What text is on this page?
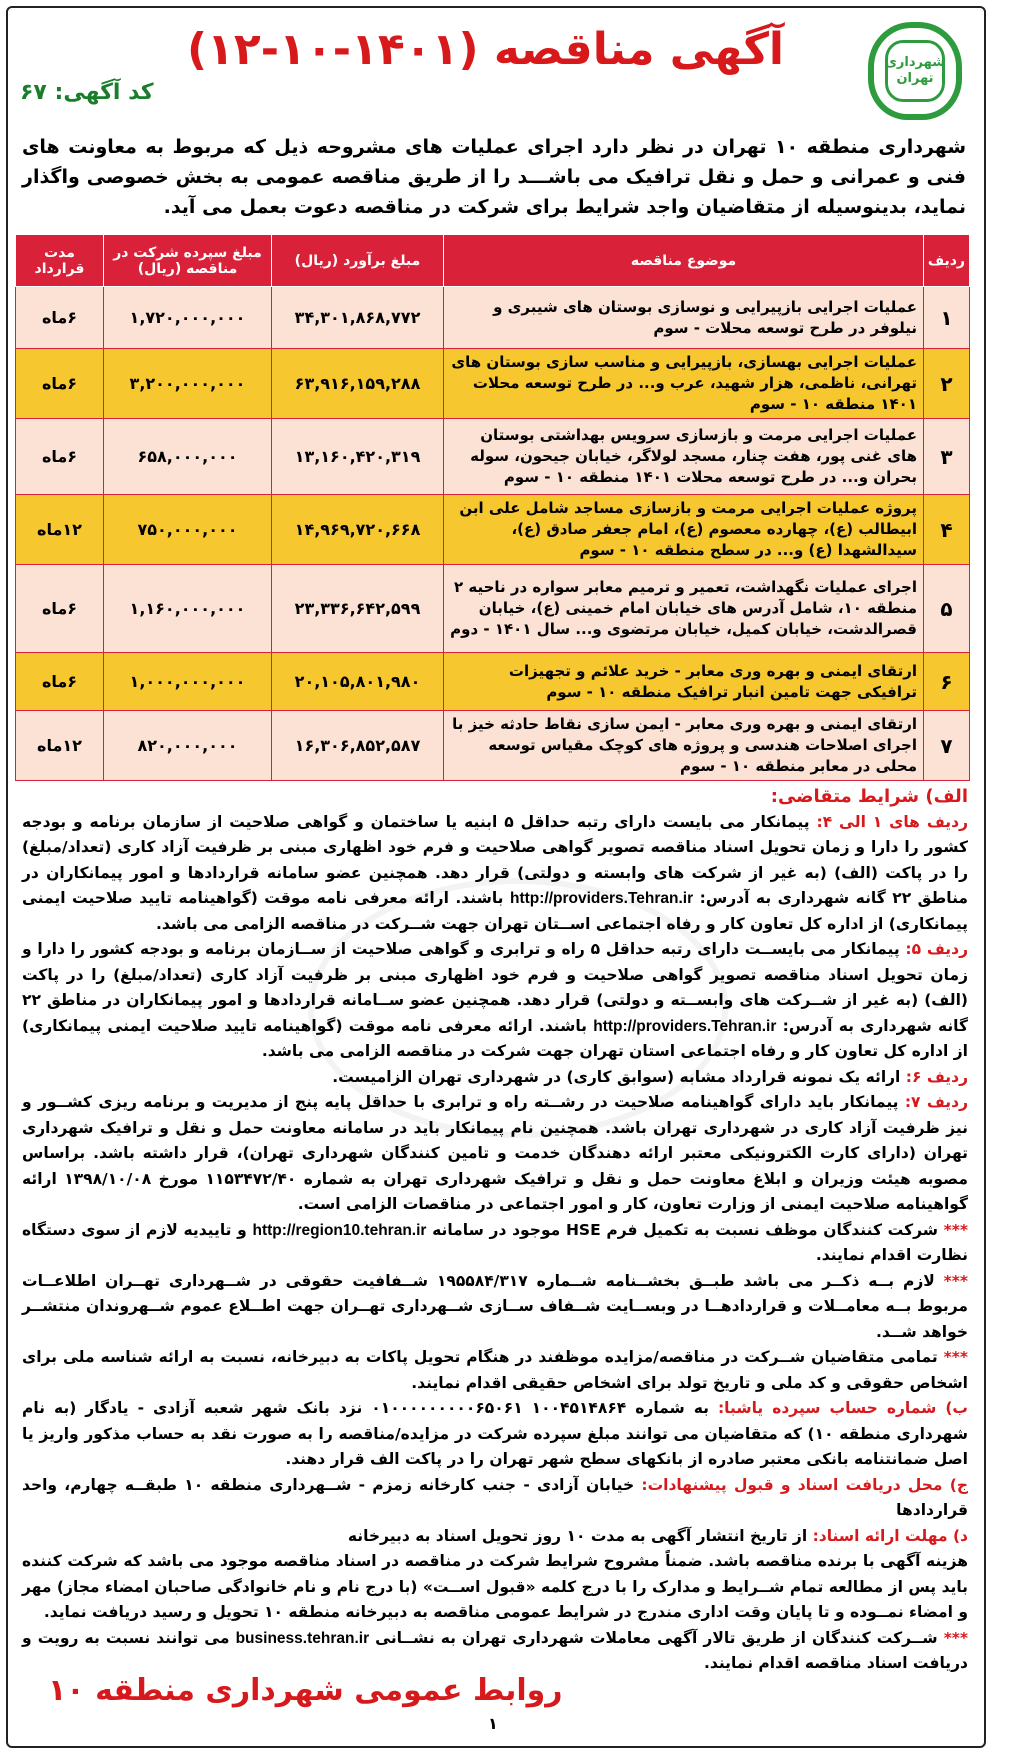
شهرداری تهران
آگهی مناقصه (۱۴۰۱-۱۰-۱۲)
کد آگهی: ۶۷
شهرداری منطقه ۱۰ تهران در نظر دارد اجرای عملیات های مشروحه ذیل که مربوط به معاونت های فنی و عمرانی و حمل و نقل ترافیک می باشـــد را از طریق مناقصه عمومی به بخش خصوصی واگذار نماید، بدینوسیله از متقاضیان واجد شرایط برای شرکت در مناقصه دعوت بعمل می آید.
ردیف	موضوع مناقصه	مبلغ برآورد (ریال)	مبلغ سپرده شرکت در مناقصه (ریال)	مدت قرارداد
۱	عملیات اجرایی بازپیرایی و نوسازی بوستان های شیبری و نیلوفر در طرح توسعه محلات - سوم	۳۴,۳۰۱,۸۶۸,۷۷۲	۱,۷۲۰,۰۰۰,۰۰۰	۶ماه
۲	عملیات اجرایی بهسازی، بازپیرایی و مناسب سازی بوستان های تهرانی، ناظمی، هزار شهید، عرب و... در طرح توسعه محلات ۱۴۰۱ منطقه ۱۰ - سوم	۶۳,۹۱۶,۱۵۹,۲۸۸	۳,۲۰۰,۰۰۰,۰۰۰	۶ماه
۳	عملیات اجرایی مرمت و بازسازی سرویس بهداشتی بوستان های غنی پور، هفت چنار، مسجد لولاگر، خیابان جیحون، سوله بحران و... در طرح توسعه محلات ۱۴۰۱ منطقه ۱۰ - سوم	۱۳,۱۶۰,۴۲۰,۳۱۹	۶۵۸,۰۰۰,۰۰۰	۶ماه
۴	پروژه عملیات اجرایی مرمت و بازسازی مساجد شامل علی ابن ابیطالب (ع)، چهارده معصوم (ع)، امام جعفر صادق (ع)، سیدالشهدا (ع) و... در سطح منطقه ۱۰ - سوم	۱۴,۹۶۹,۷۲۰,۶۶۸	۷۵۰,۰۰۰,۰۰۰	۱۲ماه
۵	اجرای عملیات نگهداشت، تعمیر و ترمیم معابر سواره در ناحیه ۲ منطقه ۱۰، شامل آدرس های خیابان امام خمینی (ع)، خیابان قصرالدشت، خیابان کمیل، خیابان مرتضوی و... سال ۱۴۰۱ - دوم	۲۳,۳۳۶,۶۴۲,۵۹۹	۱,۱۶۰,۰۰۰,۰۰۰	۶ماه
۶	ارتقای ایمنی و بهره وری معابر - خرید علائم و تجهیزات ترافیکی جهت تامین انبار ترافیک منطقه ۱۰ - سوم	۲۰,۱۰۵,۸۰۱,۹۸۰	۱,۰۰۰,۰۰۰,۰۰۰	۶ماه
۷	ارتقای ایمنی و بهره وری معابر - ایمن سازی نقاط حادثه خیز با اجرای اصلاحات هندسی و پروژه های کوچک مقیاس توسعه محلی در معابر منطقه ۱۰ - سوم	۱۶,۳۰۶,۸۵۲,۵۸۷	۸۲۰,۰۰۰,۰۰۰	۱۲ماه

الف) شرایط متقاضی:

ردیف های ۱ الی ۴: پیمانکار می بایست دارای رتبه حداقل ۵ ابنیه یا ساختمان و گواهی صلاحیت از سازمان برنامه و بودجه کشور را دارا و زمان تحویل اسناد مناقصه تصویر گواهی صلاحیت و فرم خود اظهاری مبنی بر ظرفیت آزاد کاری (تعداد/مبلغ) را در پاکت (الف) (به غیر از شرکت های وابسته و دولتی) قرار دهد. همچنین عضو سامانه قراردادها و امور پیمانکاران در مناطق ۲۲ گانه شهرداری به آدرس: http://providers.Tehran.ir باشند. ارائه معرفی نامه موقت (گواهینامه تایید صلاحیت ایمنی پیمانکاری) از اداره کل تعاون کار و رفاه اجتماعی اســتان تهران جهت شــرکت در مناقصه الزامی می باشد.

ردیف ۵: پیمانکار می بایســت دارای رتبه حداقل ۵ راه و ترابری و گواهی صلاحیت از ســازمان برنامه و بودجه کشور را دارا و زمان تحویل اسناد مناقصه تصویر گواهی صلاحیت و فرم خود اظهاری مبنی بر ظرفیت آزاد کاری (تعداد/مبلغ) را در پاکت (الف) (به غیر از شــرکت های وابســته و دولتی) قرار دهد. همچنین عضو ســامانه قراردادها و امور پیمانکاران در مناطق ۲۲ گانه شهرداری به آدرس: http://providers.Tehran.ir باشند. ارائه معرفی نامه موقت (گواهینامه تایید صلاحیت ایمنی پیمانکاری) از اداره کل تعاون کار و رفاه اجتماعی استان تهران جهت شرکت در مناقصه الزامی می باشد.

ردیف ۶: ارائه یک نمونه قرارداد مشابه (سوابق کاری) در شهرداری تهران الزامیست.

ردیف ۷: پیمانکار باید دارای گواهینامه صلاحیت در رشــته راه و ترابری با حداقل پایه پنج از مدیریت و برنامه ریزی کشــور و نیز ظرفیت آزاد کاری در شهرداری تهران باشد. همچنین نام پیمانکار باید در سامانه معاونت حمل و نقل و ترافیک شهرداری تهران (دارای کارت الکترونیکی معتبر ارائه دهندگان خدمت و تامین کنندگان شهرداری تهران)، قرار داشته باشد. براساس مصوبه هیئت وزیران و ابلاغ معاونت حمل و نقل و ترافیک شهرداری تهران به شماره ۱۱۵۳۴۷۲/۴۰ مورخ ۱۳۹۸/۱۰/۰۸ ارائه گواهینامه صلاحیت ایمنی از وزارت تعاون، کار و امور اجتماعی در مناقصات الزامی است.

*** شرکت کنندگان موظف نسبت به تکمیل فرم HSE موجود در سامانه http://region10.tehran.ir و تاییدیه لازم از سوی دستگاه نظارت اقدام نمایند.

*** لازم بــه ذکــر می باشد طبــق بخشــنامه شــماره ۱۹۵۵۸۴/۳۱۷ شــفافیت حقوقی در شــهرداری تهــران اطلاعــات مربوط بــه معامــلات و قراردادهــا در وبســایت شــفاف ســازی شــهرداری تهــران جهت اطــلاع عموم شــهروندان منتشــر خواهد شــد.

*** تمامی متقاضیان شــرکت در مناقصه/مزایده موظفند در هنگام تحویل پاکات به دبیرخانه، نسبت به ارائه شناسه ملی برای اشخاص حقوقی و کد ملی و تاریخ تولد برای اشخاص حقیقی اقدام نمایند.

ب) شماره حساب سپرده یاشبا: به شماره ۱۰۰۴۵۱۴۸۶۴ ۰۱۰۰۰۰۰۰۰۰۰۶۵۰۶۱ نزد بانک شهر شعبه آزادی - یادگار (به نام شهرداری منطقه ۱۰) که متقاضیان می توانند مبلغ سپرده شرکت در مزایده/مناقصه را به صورت نقد به حساب مذکور واریز یا اصل ضمانتنامه بانکی معتبر صادره از بانکهای سطح شهر تهران را در پاکت الف قرار دهند.

ج) محل دریافت اسناد و قبول پیشنهادات: خیابان آزادی - جنب کارخانه زمزم - شــهرداری منطقه ۱۰ طبقــه چهارم، واحد قراردادها

د) مهلت ارائه اسناد: از تاریخ انتشار آگهی به مدت ۱۰ روز تحویل اسناد به دبیرخانه

هزینه آگهی با برنده مناقصه باشد. ضمناً مشروح شرایط شرکت در مناقصه در اسناد مناقصه موجود می باشد که شرکت کننده باید پس از مطالعه تمام شــرایط و مدارک را با درج کلمه «قبول اســت» (با درج نام و نام خانوادگی صاحبان امضاء مجاز) مهر و امضاء نمــوده و تا پایان وقت اداری مندرج در شرایط عمومی مناقصه به دبیرخانه منطقه ۱۰ تحویل و رسید دریافت نماید.

*** شــرکت کنندگان از طریق تالار آگهی معاملات شهرداری تهران به نشــانی business.tehran.ir می توانند نسبت به رویت و دریافت اسناد مناقصه اقدام نمایند.

روابط عمومی شهرداری منطقه ۱۰
۱
